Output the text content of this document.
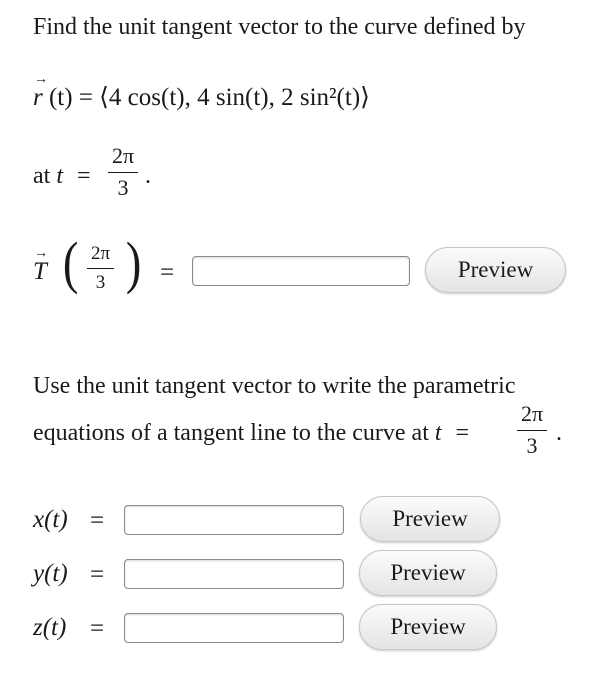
Find the unit tangent vector to the curve defined by
→
r (t) = ⟨4 cos(t), 4 sin(t), 2 sin²(t)⟩
at $t = \frac{2\pi}{3}$ .
→
T ( $\frac{2\pi}{3}$ ) =	Preview
Use the unit tangent vector to write the parametric
equations of a tangent line to the curve at $t = \frac{2\pi}{3}$ .
x(t) =	Preview
y(t) =	Preview
z(t) =	Preview
